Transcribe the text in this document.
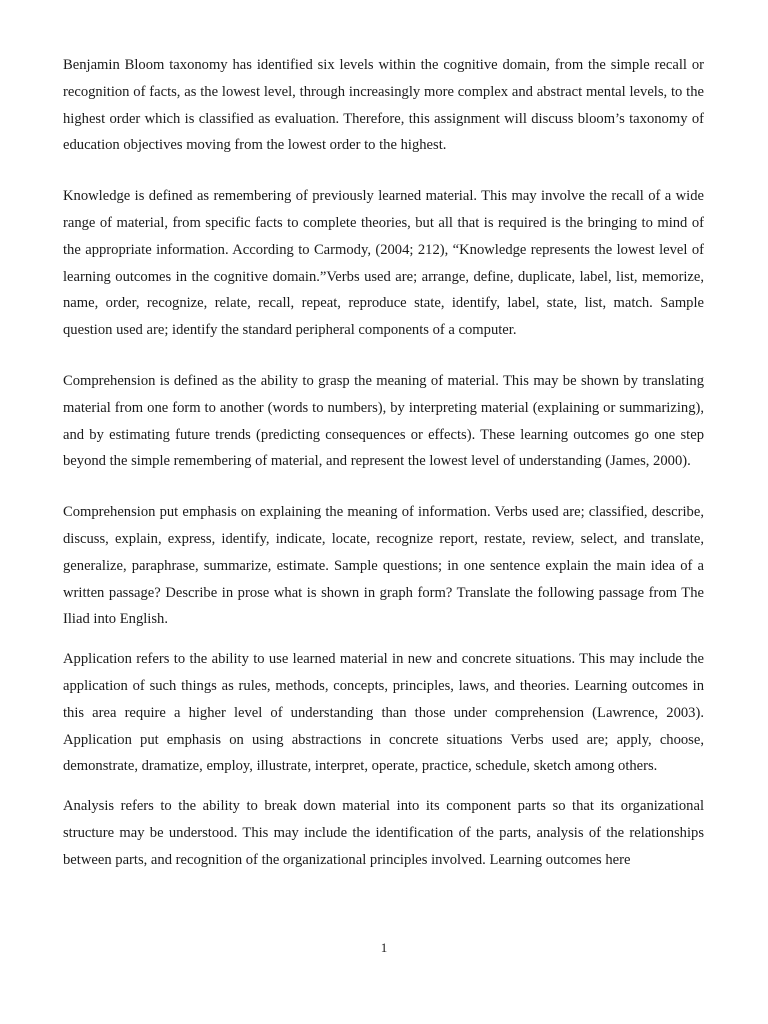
Benjamin Bloom taxonomy has identified six levels within the cognitive domain, from the simple recall or recognition of facts, as the lowest level, through increasingly more complex and abstract mental levels, to the highest order which is classified as evaluation. Therefore, this assignment will discuss bloom’s taxonomy of education objectives moving from the lowest order to the highest.

Knowledge is defined as remembering of previously learned material. This may involve the recall of a wide range of material, from specific facts to complete theories, but all that is required is the bringing to mind of the appropriate information. According to Carmody, (2004; 212), “Knowledge represents the lowest level of learning outcomes in the cognitive domain.”Verbs used are; arrange, define, duplicate, label, list, memorize, name, order, recognize, relate, recall, repeat, reproduce state, identify, label, state, list, match. Sample question used are; identify the standard peripheral components of a computer.

Comprehension is defined as the ability to grasp the meaning of material. This may be shown by translating material from one form to another (words to numbers), by interpreting material (explaining or summarizing), and by estimating future trends (predicting consequences or effects). These learning outcomes go one step beyond the simple remembering of material, and represent the lowest level of understanding (James, 2000).

Comprehension put emphasis on explaining the meaning of information. Verbs used are; classified, describe, discuss, explain, express, identify, indicate, locate, recognize report, restate, review, select, and translate, generalize, paraphrase, summarize, estimate. Sample questions; in one sentence explain the main idea of a written passage? Describe in prose what is shown in graph form? Translate the following passage from The Iliad into English.

Application refers to the ability to use learned material in new and concrete situations. This may include the application of such things as rules, methods, concepts, principles, laws, and theories. Learning outcomes in this area require a higher level of understanding than those under comprehension (Lawrence, 2003). Application put emphasis on using abstractions in concrete situations Verbs used are; apply, choose, demonstrate, dramatize, employ, illustrate, interpret, operate, practice, schedule, sketch among others.

Analysis refers to the ability to break down material into its component parts so that its organizational structure may be understood. This may include the identification of the parts, analysis of the relationships between parts, and recognition of the organizational principles involved. Learning outcomes here

1
